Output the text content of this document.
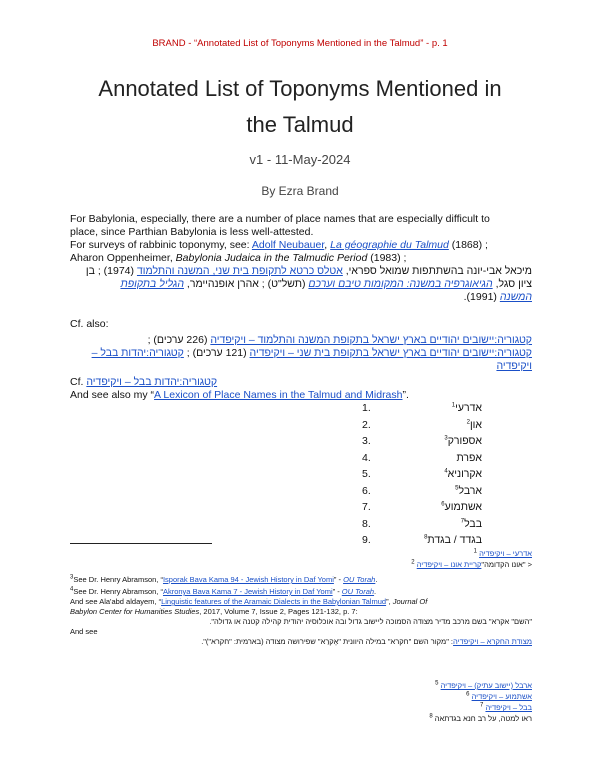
BRAND - “Annotated List of Toponyms Mentioned in the Talmud” - p. 1
Annotated List of Toponyms Mentioned in
the Talmud
v1 - 11-May-2024
By Ezra Brand
For Babylonia, especially, there are a number of place names that are especially difficult to
place, since Parthian Babylonia is less well-attested.
For surveys of rabbinic toponymy, see: Adolf Neubauer, La géographie du Talmud (1868) ;
Aharon Oppenheimer, Babylonia Judaica in the Talmudic Period (1983) ;
מיכאל אבי-יונה בהשתתפות שמואל ספראי, אטלס כרטא לתקופת בית שני, המשנה והתלמוד (1974) ; בן
ציון סגל, הגיאוגרפיה במשנה: המקומות טיבם וערכם (תשל"ט) ; אהרן אופנהיימר, הגליל בתקופת
המשנה (1991).
Cf. also:
קטגוריה:יישובים יהודיים בארץ ישראל בתקופת המשנה והתלמוד – ויקיפדיה (226 ערכים) ;
קטגוריה:יישובים יהודיים בארץ ישראל בתקופת בית שני – ויקיפדיה (121 ערכים) ; קטגוריה:יהדות בבל –
ויקיפדיה
Cf. קטגוריה:יהדות בבל – ויקיפדיה
And see also my “A Lexicon of Place Names in the Talmud and Midrash”.
אדרעי$^1$
1.
און$^2$
2.
אספורק$^3$
3.
אפרת
4.
אקרוניא$^4$
5.
ארבל$^5$
6.
אשתמוע$^6$
7.
בבל$^7$
8.
בגדד / בגדת$^8$
9.
אדרעי – ויקיפדיה $^1$
< "אונו הקדומה"קריית אונו – ויקיפדיה $^2$
$^3$See Dr. Henry Abramson, “Isporak Bava Kama 94 - Jewish History in Daf Yomi” - OU Torah.
$^4$See Dr. Henry Abramson, “Akronya Bava Kama 7 - Jewish History in Daf Yomi” - OU Torah.
And see Ala'abd aldayem, “Linguistic features of the Aramaic Dialects in the Babylonian Talmud”, Journal Of
Babylon Center for Humanities Studies, 2017, Volume 7, Issue 2, Pages 121-132, p. 7:
"השם" אקרא" בשם מרכב מדיר מצודה הסמוכה ליישוב גדול ובה אוכלוסיה יהודית קהילה קטנה או גדולה".
And see
מצודת החקרא – ויקיפדיה: "מקור השם "חקרא" במילה היוונית "אָקרַא" שפירושה מצודה (בארמית: "חקרא")".
ארבל (יישוב עתיק) – ויקיפדיה $^5$
אשתמוע – ויקיפדיה $^6$
בבל – ויקיפדיה $^7$
ראו למטה, על רב חנא בגדתאה $^8$
